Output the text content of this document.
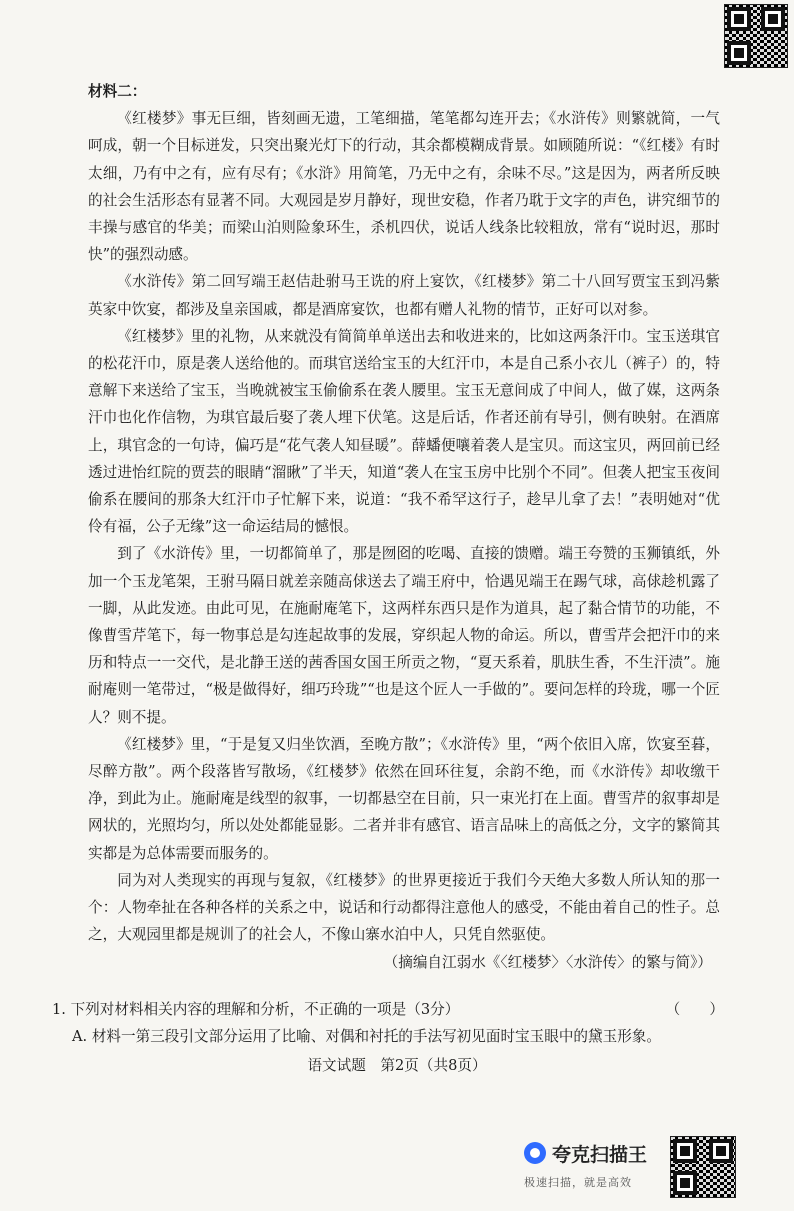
材料二：

《红楼梦》事无巨细，皆刻画无遗，工笔细描，笔笔都勾连开去；《水浒传》则繁就简，一气呵成，朝一个目标迸发，只突出聚光灯下的行动，其余都模糊成背景。如顾随所说：“《红楼》有时太细，乃有中之有，应有尽有；《水浒》用简笔，乃无中之有，余味不尽。”这是因为，两者所反映的社会生活形态有显著不同。大观园是岁月静好，现世安稳，作者乃耽于文字的声色，讲究细节的丰操与感官的华美；而梁山泊则险象环生，杀机四伏，说话人线条比较粗放，常有“说时迟，那时快”的强烈动感。

《水浒传》第二回写端王赵佶赴驸马王诜的府上宴饮，《红楼梦》第二十八回写贾宝玉到冯紫英家中饮宴，都涉及皇亲国戚，都是酒席宴饮，也都有赠人礼物的情节，正好可以对参。

《红楼梦》里的礼物，从来就没有简简单单送出去和收进来的，比如这两条汗巾。宝玉送琪官的松花汗巾，原是袭人送给他的。而琪官送给宝玉的大红汗巾，本是自己系小衣儿（裤子）的，特意解下来送给了宝玉，当晚就被宝玉偷偷系在袭人腰里。宝玉无意间成了中间人，做了媒，这两条汗巾也化作信物，为琪官最后娶了袭人埋下伏笔。这是后话，作者还前有导引，侧有映射。在酒席上，琪官念的一句诗，偏巧是“花气袭人知昼暖”。薛蟠便嚷着袭人是宝贝。而这宝贝，两回前已经透过进怡红院的贾芸的眼睛“溜瞅”了半天，知道“袭人在宝玉房中比别个不同”。但袭人把宝玉夜间偷系在腰间的那条大红汗巾子忙解下来，说道：“我不希罕这行子，趁早儿拿了去！”表明她对“优伶有福，公子无缘”这一命运结局的憾恨。

到了《水浒传》里，一切都简单了，那是囫囵的吃喝、直接的馈赠。端王夸赞的玉狮镇纸，外加一个玉龙笔架，王驸马隔日就差亲随高俅送去了端王府中，恰遇见端王在踢气球，高俅趁机露了一脚，从此发迹。由此可见，在施耐庵笔下，这两样东西只是作为道具，起了黏合情节的功能，不像曹雪芹笔下，每一物事总是勾连起故事的发展，穿织起人物的命运。所以，曹雪芹会把汗巾的来历和特点一一交代，是北静王送的茜香国女国王所贡之物，“夏天系着，肌肤生香，不生汗渍”。施耐庵则一笔带过，“极是做得好，细巧玲珑”“也是这个匠人一手做的”。要问怎样的玲珑，哪一个匠人？则不提。

《红楼梦》里，“于是复又归坐饮酒，至晚方散”；《水浒传》里，“两个依旧入席，饮宴至暮，尽醉方散”。两个段落皆写散场，《红楼梦》依然在回环往复，余韵不绝，而《水浒传》却收缴干净，到此为止。施耐庵是线型的叙事，一切都悬空在目前，只一束光打在上面。曹雪芹的叙事却是网状的，光照均匀，所以处处都能显影。二者并非有感官、语言品味上的高低之分，文字的繁简其实都是为总体需要而服务的。

同为对人类现实的再现与复叙，《红楼梦》的世界更接近于我们今天绝大多数人所认知的那一个：人物牵扯在各种各样的关系之中，说话和行动都得注意他人的感受，不能由着自己的性子。总之，大观园里都是规训了的社会人，不像山寨水泊中人，只凭自然驱使。

（摘编自江弱水《〈红楼梦〉〈水浒传〉的繁与简》）

1. 下列对材料相关内容的理解和分析，不正确的一项是（3分）	（　　）
A. 材料一第三段引文部分运用了比喻、对偶和衬托的手法写初见面时宝玉眼中的黛玉形象。
语文试题　第2页（共8页）
夸克扫描王
极速扫描，就是高效
